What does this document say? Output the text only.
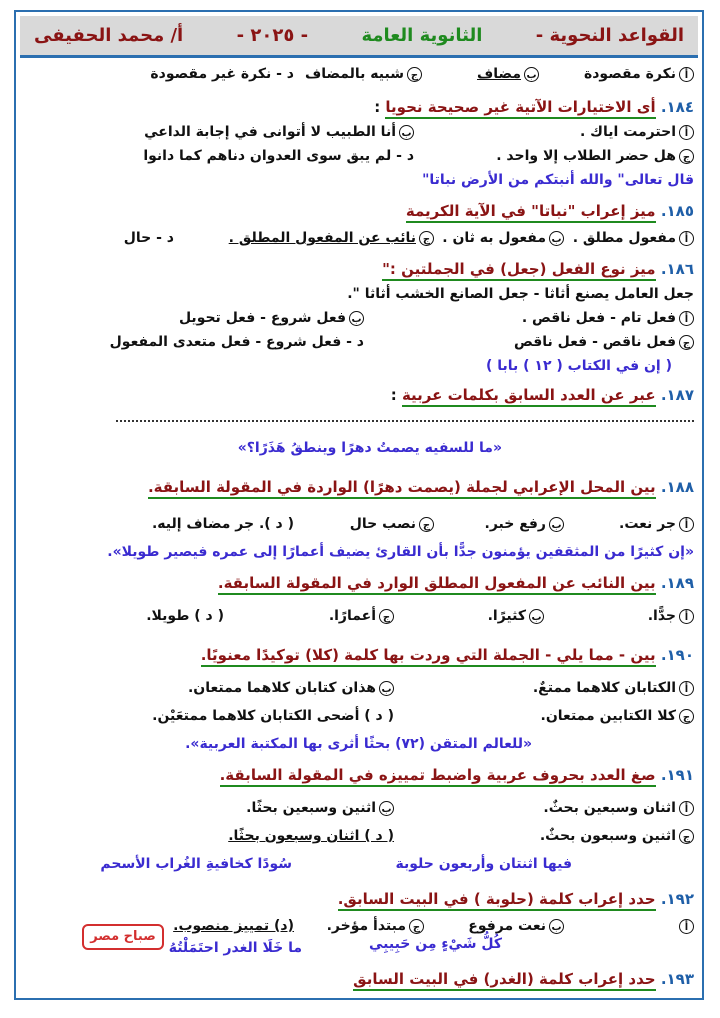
القواعد النحوية -
الثانوية العامة
- ٢٠٢٥ -
أ/ محمد الحفيفى
أنكرة مقصودة
بمضاف
جشبيه بالمضاف
د - نكرة غير مقصودة
١٨٤. أى الاختيارات الآتية غير صحيحة نحويا :
أاحترمت اياك .
بأنا الطبيب لا أتوانى في إجابة الداعي
جهل حضر الطلاب إلا واحد .
د - لم يبق سوى العدوان دناهم كما دانوا
قال تعالى" والله أنبتكم من الأرض نباتا"
١٨٥. ميز إعراب "نباتا" في الآية الكريمة
أمفعول مطلق .
بمفعول به ثان .
جنائب عن المفعول المطلق .
د - حال
١٨٦. ميز نوع الفعل (جعل) في الجملتين :"
جعل العامل يصنع أثاثا - جعل الصانع الخشب أثاثا ".
أفعل تام - فعل ناقص .
بفعل شروع - فعل تحويل
جفعل ناقص - فعل ناقص
د - فعل شروع - فعل متعدى المفعول
( إن في الكتاب ( ١٢ ) بابا )
١٨٧. عبر عن العدد السابق بكلمات عربية :
«ما للسفيه يصمتُ دهرًا وينطقُ هَذَرًا؟»
١٨٨. بين المحل الإعرابي لجملة (يصمت دهرًا) الواردة في المقولة السابقة.
أجر نعت.
برفع خبر.
جنصب حال
( د ). جر مضاف إليه.
«إن كثيرًا من المثقفين يؤمنون جدًّا بأن القارئ يضيف أعمارًا إلى عمره فيصير طويلا».
١٨٩. بين النائب عن المفعول المطلق الوارد في المقولة السابقة.
أجدًّا.
بكثيرًا.
جأعمارًا.
( د ) طويلا.
١٩٠. بين - مما يلي - الجملة التي وردت بها كلمة (كلا) توكيدًا معنويًا.
أالكتابان كلاهما ممتعٌ.
بهذان كتابان كلاهما ممتعان.
جكلا الكتابين ممتعان.
( د ) أضحى الكتابان كلاهما ممتعَيْن.
«للعالم المتقن (٧٢) بحثًا أثرى بها المكتبة العربية».
١٩١. صغ العدد بحروف عربية واضبط تمييزه في المقولة السابقة.
أاثنان وسبعين بحثٌ.
باثنين وسبعين بحثًا.
جاثنين وسبعون بحثٌ.
( د ) اثنان وسبعون بحثًا.
فيها اثنتان وأربعون حلوبة
سُودًا كخافيةِ الغُراب الأسحم
١٩٢. حدد إعراب كلمة (حلوبة ) في البيت السابق.
أ
بنعت مرفوع
جمبتدأ مؤخر.
(د) تمييز منصوب.
كُلُّ شَيْءٍ مِن حَبِيبِي
ما خَلَا الغدر احتَمَلْتُهُ
١٩٣. حدد إعراب كلمة (الغدر) في البيت السابق
صباح مصر
